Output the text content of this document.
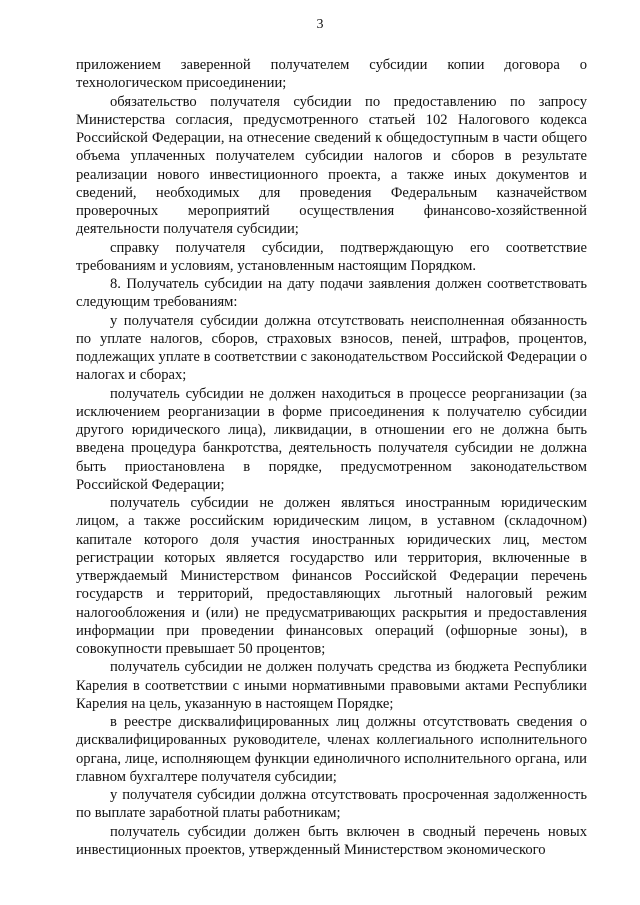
3

приложением заверенной получателем субсидии копии договора о технологическом присоединении;

обязательство получателя субсидии по предоставлению по запросу Министерства согласия, предусмотренного статьей 102 Налогового кодекса Российской Федерации, на отнесение сведений к общедоступным в части общего объема уплаченных получателем субсидии налогов и сборов в результате реализации нового инвестиционного проекта, а также иных документов и сведений, необходимых для проведения Федеральным казначейством проверочных мероприятий осуществления финансово-хозяйственной деятельности получателя субсидии;

справку получателя субсидии, подтверждающую его соответствие требованиям и условиям, установленным настоящим Порядком.

8. Получатель субсидии на дату подачи заявления должен соответствовать следующим требованиям:

у получателя субсидии должна отсутствовать неисполненная обязанность по уплате налогов, сборов, страховых взносов, пеней, штрафов, процентов, подлежащих уплате в соответствии с законодательством Российской Федерации о налогах и сборах;

получатель субсидии не должен находиться в процессе реорганизации (за исключением реорганизации в форме присоединения к получателю субсидии другого юридического лица), ликвидации, в отношении его не должна быть введена процедура банкротства, деятельность получателя субсидии не должна быть приостановлена в порядке, предусмотренном законодательством Российской Федерации;

получатель субсидии не должен являться иностранным юридическим лицом, а также российским юридическим лицом, в уставном (складочном) капитале которого доля участия иностранных юридических лиц, местом регистрации которых является государство или территория, включенные в утверждаемый Министерством финансов Российской Федерации перечень государств и территорий, предоставляющих льготный налоговый режим налогообложения и (или) не предусматривающих раскрытия и предоставления информации при проведении финансовых операций (офшорные зоны), в совокупности превышает 50 процентов;

получатель субсидии не должен получать средства из бюджета Республики Карелия в соответствии с иными нормативными правовыми актами Республики Карелия на цель, указанную в настоящем Порядке;

в реестре дисквалифицированных лиц должны отсутствовать сведения о дисквалифицированных руководителе, членах коллегиального исполнительного органа, лице, исполняющем функции единоличного исполнительного органа, или главном бухгалтере получателя субсидии;

у получателя субсидии должна отсутствовать просроченная задолженность по выплате заработной платы работникам;

получатель субсидии должен быть включен в сводный перечень новых инвестиционных проектов, утвержденный Министерством экономического
